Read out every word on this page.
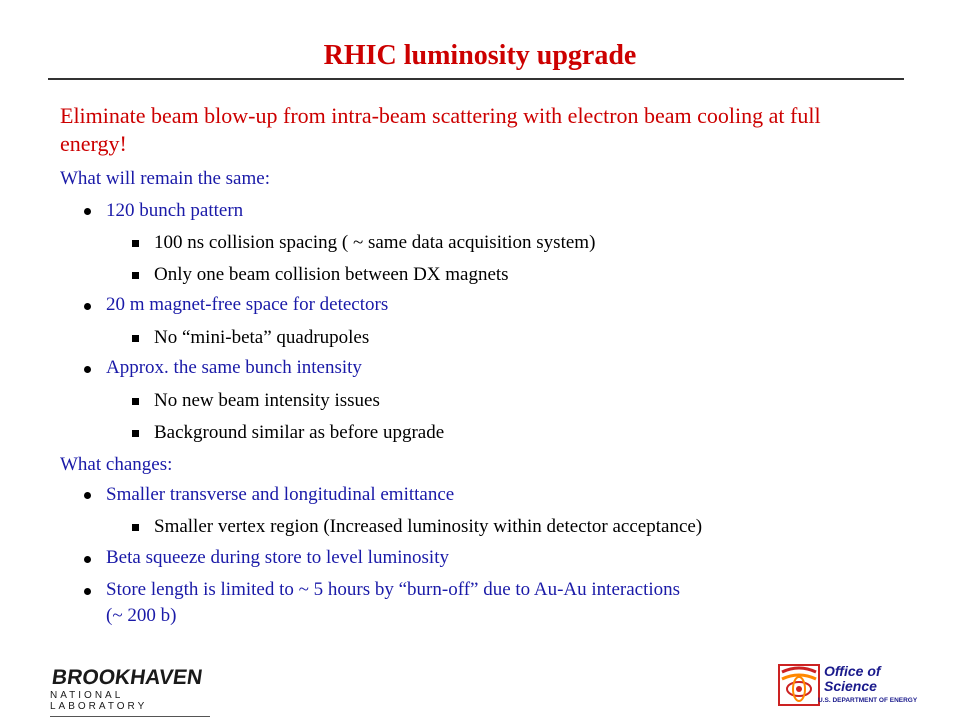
RHIC luminosity upgrade
Eliminate beam blow-up from intra-beam scattering with electron beam cooling at full energy!
What will remain the same:
120 bunch pattern
100 ns collision spacing ( ~ same data acquisition system)
Only one beam collision between DX magnets
20 m magnet-free space for detectors
No “mini-beta” quadrupoles
Approx. the same bunch intensity
No new beam intensity issues
Background similar as before upgrade
What changes:
Smaller transverse and longitudinal emittance
Smaller vertex region (Increased luminosity within detector acceptance)
Beta squeeze during store to level luminosity
Store length is limited to ~ 5 hours by “burn-off” due to Au-Au interactions
(~ 200 b)
BROOKHAVEN
NATIONAL LABORATORY
Office of
Science
U.S. DEPARTMENT OF ENERGY
